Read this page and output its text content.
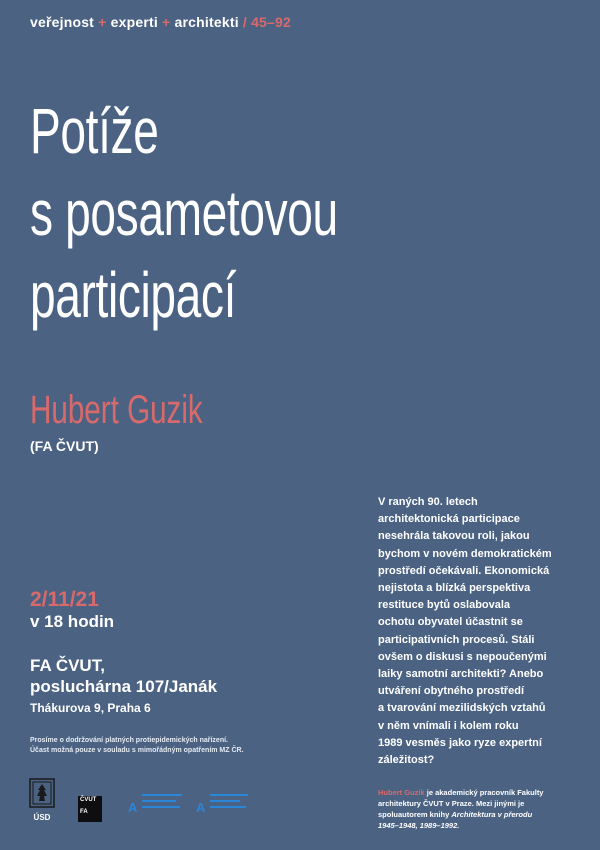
veřejnost + experti + architekti / 45–92
Potíže
s posametovou
participací
Hubert Guzik
(FA ČVUT)
2/11/21
v 18 hodin
FA ČVUT,
posluchárna 107/Janák
Thákurova 9, Praha 6
Prosíme o dodržování platných protiepidemických nařízení.
Účast možná pouze v souladu s mimořádným opatřením MZ ČR.
V raných 90. letech
architektonická participace
nesehrála takovou roli, jakou
bychom v novém demokratickém
prostředí očekávali. Ekonomická
nejistota a blízká perspektiva
restituce bytů oslabovala
ochotu obyvatel účastnit se
participativních procesů. Stáli
ovšem o diskusi s nepoučenými
laiky samotní architekti? Anebo
utváření obytného prostředí
a tvarování mezilidských vztahů
v něm vnímali i kolem roku
1989 vesměs jako ryze expertní
záležitost?
Hubert Guzik je akademický pracovník Fakulty
architektury ČVUT v Praze. Mezi jinými je
spoluautorem knihy Architektura v přerodu
1945–1948, 1989–1992.
ÚSD
ČVUT
FA	A	A
